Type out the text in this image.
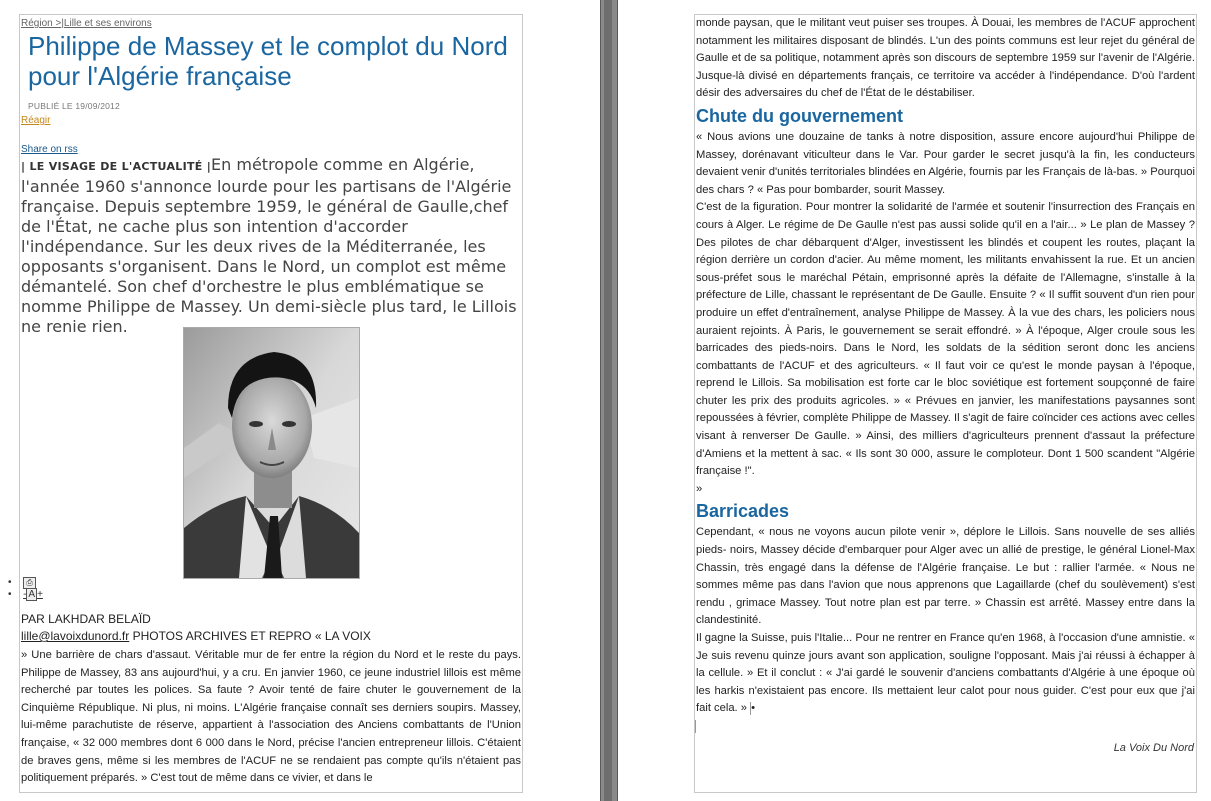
Région >|Lille et ses environs
Philippe de Massey et le complot du Nord pour l'Algérie française
PUBLIÉ LE 19/09/2012
Réagir
Share on rss

| LE VISAGE DE L'ACTUALITÉ |En métropole comme en Algérie, l'année 1960 s'annonce lourde pour les partisans de l'Algérie française. Depuis septembre 1959, le général de Gaulle,chef de l'État, ne cache plus son intention d'accorder l'indépendance. Sur les deux rives de la Méditerranée, les opposants s'organisent. Dans le Nord, un complot est même démantelé. Son chef d'orchestre le plus emblématique se nomme Philippe de Massey. Un demi-siècle plus tard, le Lillois ne renie rien.

•  ⎙
•  - A +
PAR LAKHDAR BELAÏD
lille@lavoixdunord.fr PHOTOS ARCHIVES ET REPRO « LA VOIX

» Une barrière de chars d'assaut. Véritable mur de fer entre la région du Nord et le reste du pays. Philippe de Massey, 83 ans aujourd'hui, y a cru. En janvier 1960, ce jeune industriel lillois est même recherché par toutes les polices. Sa faute ? Avoir tenté de faire chuter le gouvernement de la Cinquième République. Ni plus, ni moins. L'Algérie française connaît ses derniers soupirs. Massey, lui-même parachutiste de réserve, appartient à l'association des Anciens combattants de l'Union française, « 32 000 membres dont 6 000 dans le Nord, précise l'ancien entrepreneur lillois. C'étaient de braves gens, même si les membres de l'ACUF ne se rendaient pas compte qu'ils n'étaient pas politiquement préparés. » C'est tout de même dans ce vivier, et dans le

monde paysan, que le militant veut puiser ses troupes. À Douai, les membres de l'ACUF approchent notamment les militaires disposant de blindés. L'un des points communs est leur rejet du général de Gaulle et de sa politique, notamment après son discours de septembre 1959 sur l'avenir de l'Algérie. Jusque-là divisé en départements français, ce territoire va accéder à l'indépendance. D'où l'ardent désir des adversaires du chef de l'État de le déstabiliser.

Chute du gouvernement

« Nous avions une douzaine de tanks à notre disposition, assure encore aujourd'hui Philippe de Massey, dorénavant viticulteur dans le Var. Pour garder le secret jusqu'à la fin, les conducteurs devaient venir d'unités territoriales blindées en Algérie, fournis par les Français de là-bas. » Pourquoi des chars ? « Pas pour bombarder, sourit Massey.

C'est de la figuration. Pour montrer la solidarité de l'armée et soutenir l'insurrection des Français en cours à Alger. Le régime de De Gaulle n'est pas aussi solide qu'il en a l'air... » Le plan de Massey ? Des pilotes de char débarquent d'Alger, investissent les blindés et coupent les routes, plaçant la région derrière un cordon d'acier. Au même moment, les militants envahissent la rue. Et un ancien sous-préfet sous le maréchal Pétain, emprisonné après la défaite de l'Allemagne, s'installe à la préfecture de Lille, chassant le représentant de De Gaulle. Ensuite ? « Il suffit souvent d'un rien pour produire un effet d'entraînement, analyse Philippe de Massey. À la vue des chars, les policiers nous auraient rejoints. À Paris, le gouvernement se serait effondré. » À l'époque, Alger croule sous les barricades des pieds-noirs. Dans le Nord, les soldats de la sédition seront donc les anciens combattants de l'ACUF et des agriculteurs. « Il faut voir ce qu'est le monde paysan à l'époque, reprend le Lillois. Sa mobilisation est forte car le bloc soviétique est fortement soupçonné de faire chuter les prix des produits agricoles. » « Prévues en janvier, les manifestations paysannes sont repoussées à février, complète Philippe de Massey. Il s'agit de faire coïncider ces actions avec celles visant à renverser De Gaulle. » Ainsi, des milliers d'agriculteurs prennent d'assaut la préfecture d'Amiens et la mettent à sac. « Ils sont 30 000, assure le comploteur. Dont 1 500 scandent "Algérie française !".

»

Barricades

Cependant, « nous ne voyons aucun pilote venir », déplore le Lillois. Sans nouvelle de ses alliés pieds- noirs, Massey décide d'embarquer pour Alger avec un allié de prestige, le général Lionel-Max Chassin, très engagé dans la défense de l'Algérie française. Le but : rallier l'armée. « Nous ne sommes même pas dans l'avion que nous apprenons que Lagaillarde (chef du soulèvement) s'est rendu , grimace Massey. Tout notre plan est par terre. » Chassin est arrêté. Massey entre dans la clandestinité.

Il gagne la Suisse, puis l'Italie... Pour ne rentrer en France qu'en 1968, à l'occasion d'une amnistie. « Je suis revenu quinze jours avant son application, souligne l'opposant. Mais j'ai réussi à échapper à la cellule. » Et il conclut : « J'ai gardé le souvenir d'anciens combattants d'Algérie à une époque où les harkis n'existaient pas encore. Ils mettaient leur calot pour nous guider. C'est pour eux que j'ai fait cela. » •

La Voix Du Nord
